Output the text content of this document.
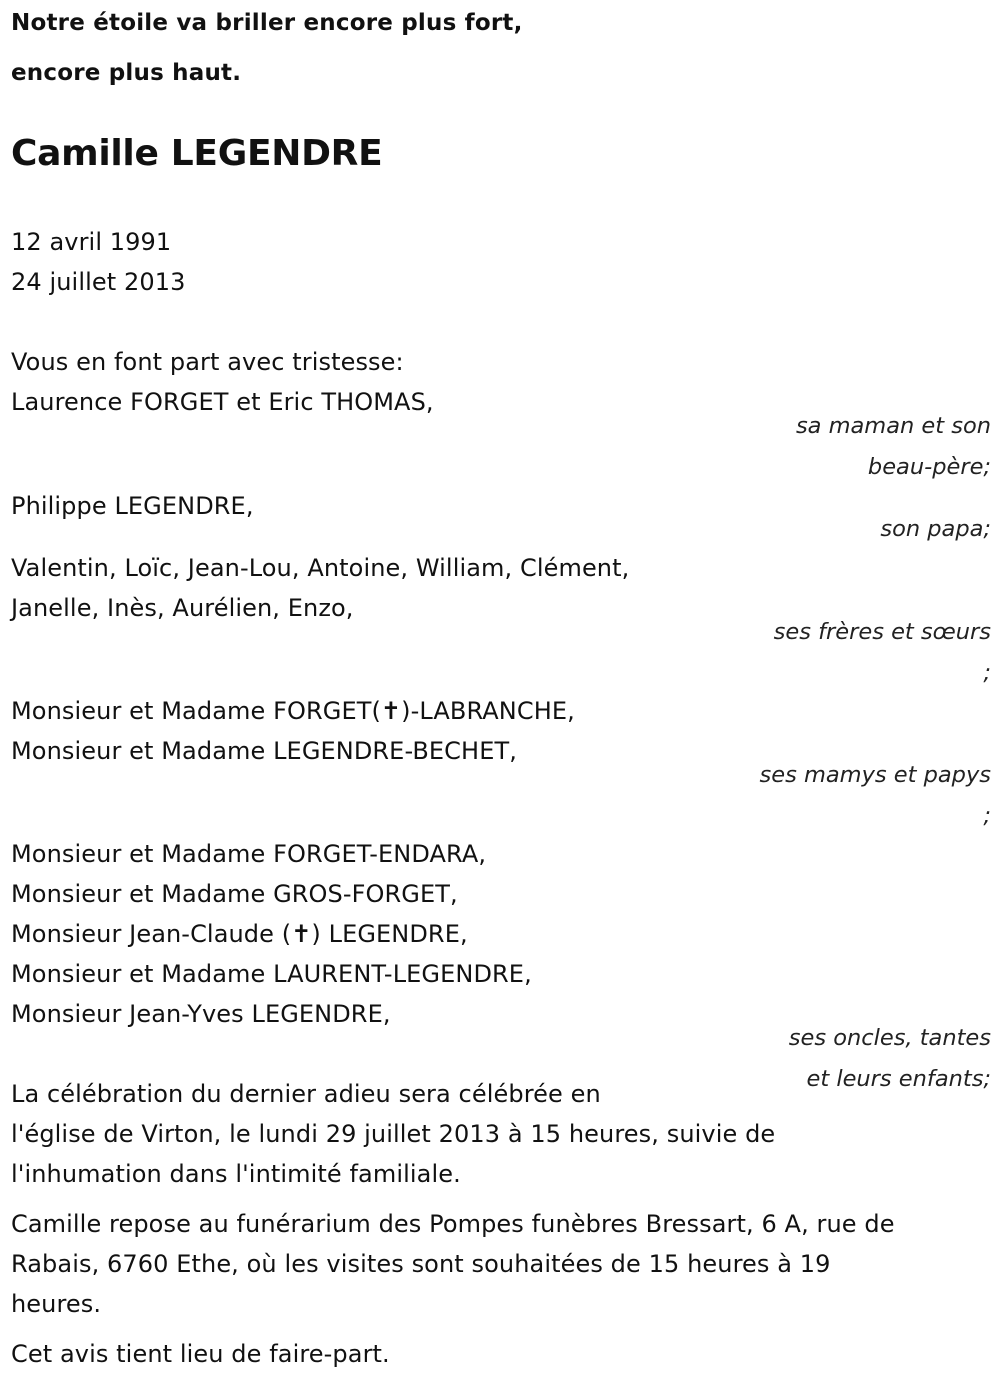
Notre étoile va briller encore plus fort,
encore plus haut.
Camille LEGENDRE
12 avril 1991
24 juillet 2013
Vous en font part avec tristesse:
Laurence FORGET et Eric THOMAS,
sa maman et son
beau-père;
Philippe LEGENDRE,
son papa;
Valentin, Loïc, Jean-Lou, Antoine, William, Clément,
Janelle, Inès, Aurélien, Enzo,
ses frères et sœurs
;
Monsieur et Madame FORGET(✝)-LABRANCHE,
Monsieur et Madame LEGENDRE-BECHET,
ses mamys et papys
;
Monsieur et Madame FORGET-ENDARA,
Monsieur et Madame GROS-FORGET,
Monsieur Jean-Claude (✝) LEGENDRE,
Monsieur et Madame LAURENT-LEGENDRE,
Monsieur Jean-Yves LEGENDRE,
ses oncles, tantes
et leurs enfants;
La célébration du dernier adieu sera célébrée en
l'église de Virton, le lundi 29 juillet 2013 à 15 heures, suivie de
l'inhumation dans l'intimité familiale.
Camille repose au funérarium des Pompes funèbres Bressart, 6 A, rue de
Rabais, 6760 Ethe, où les visites sont souhaitées de 15 heures à 19
heures.
Cet avis tient lieu de faire-part.
